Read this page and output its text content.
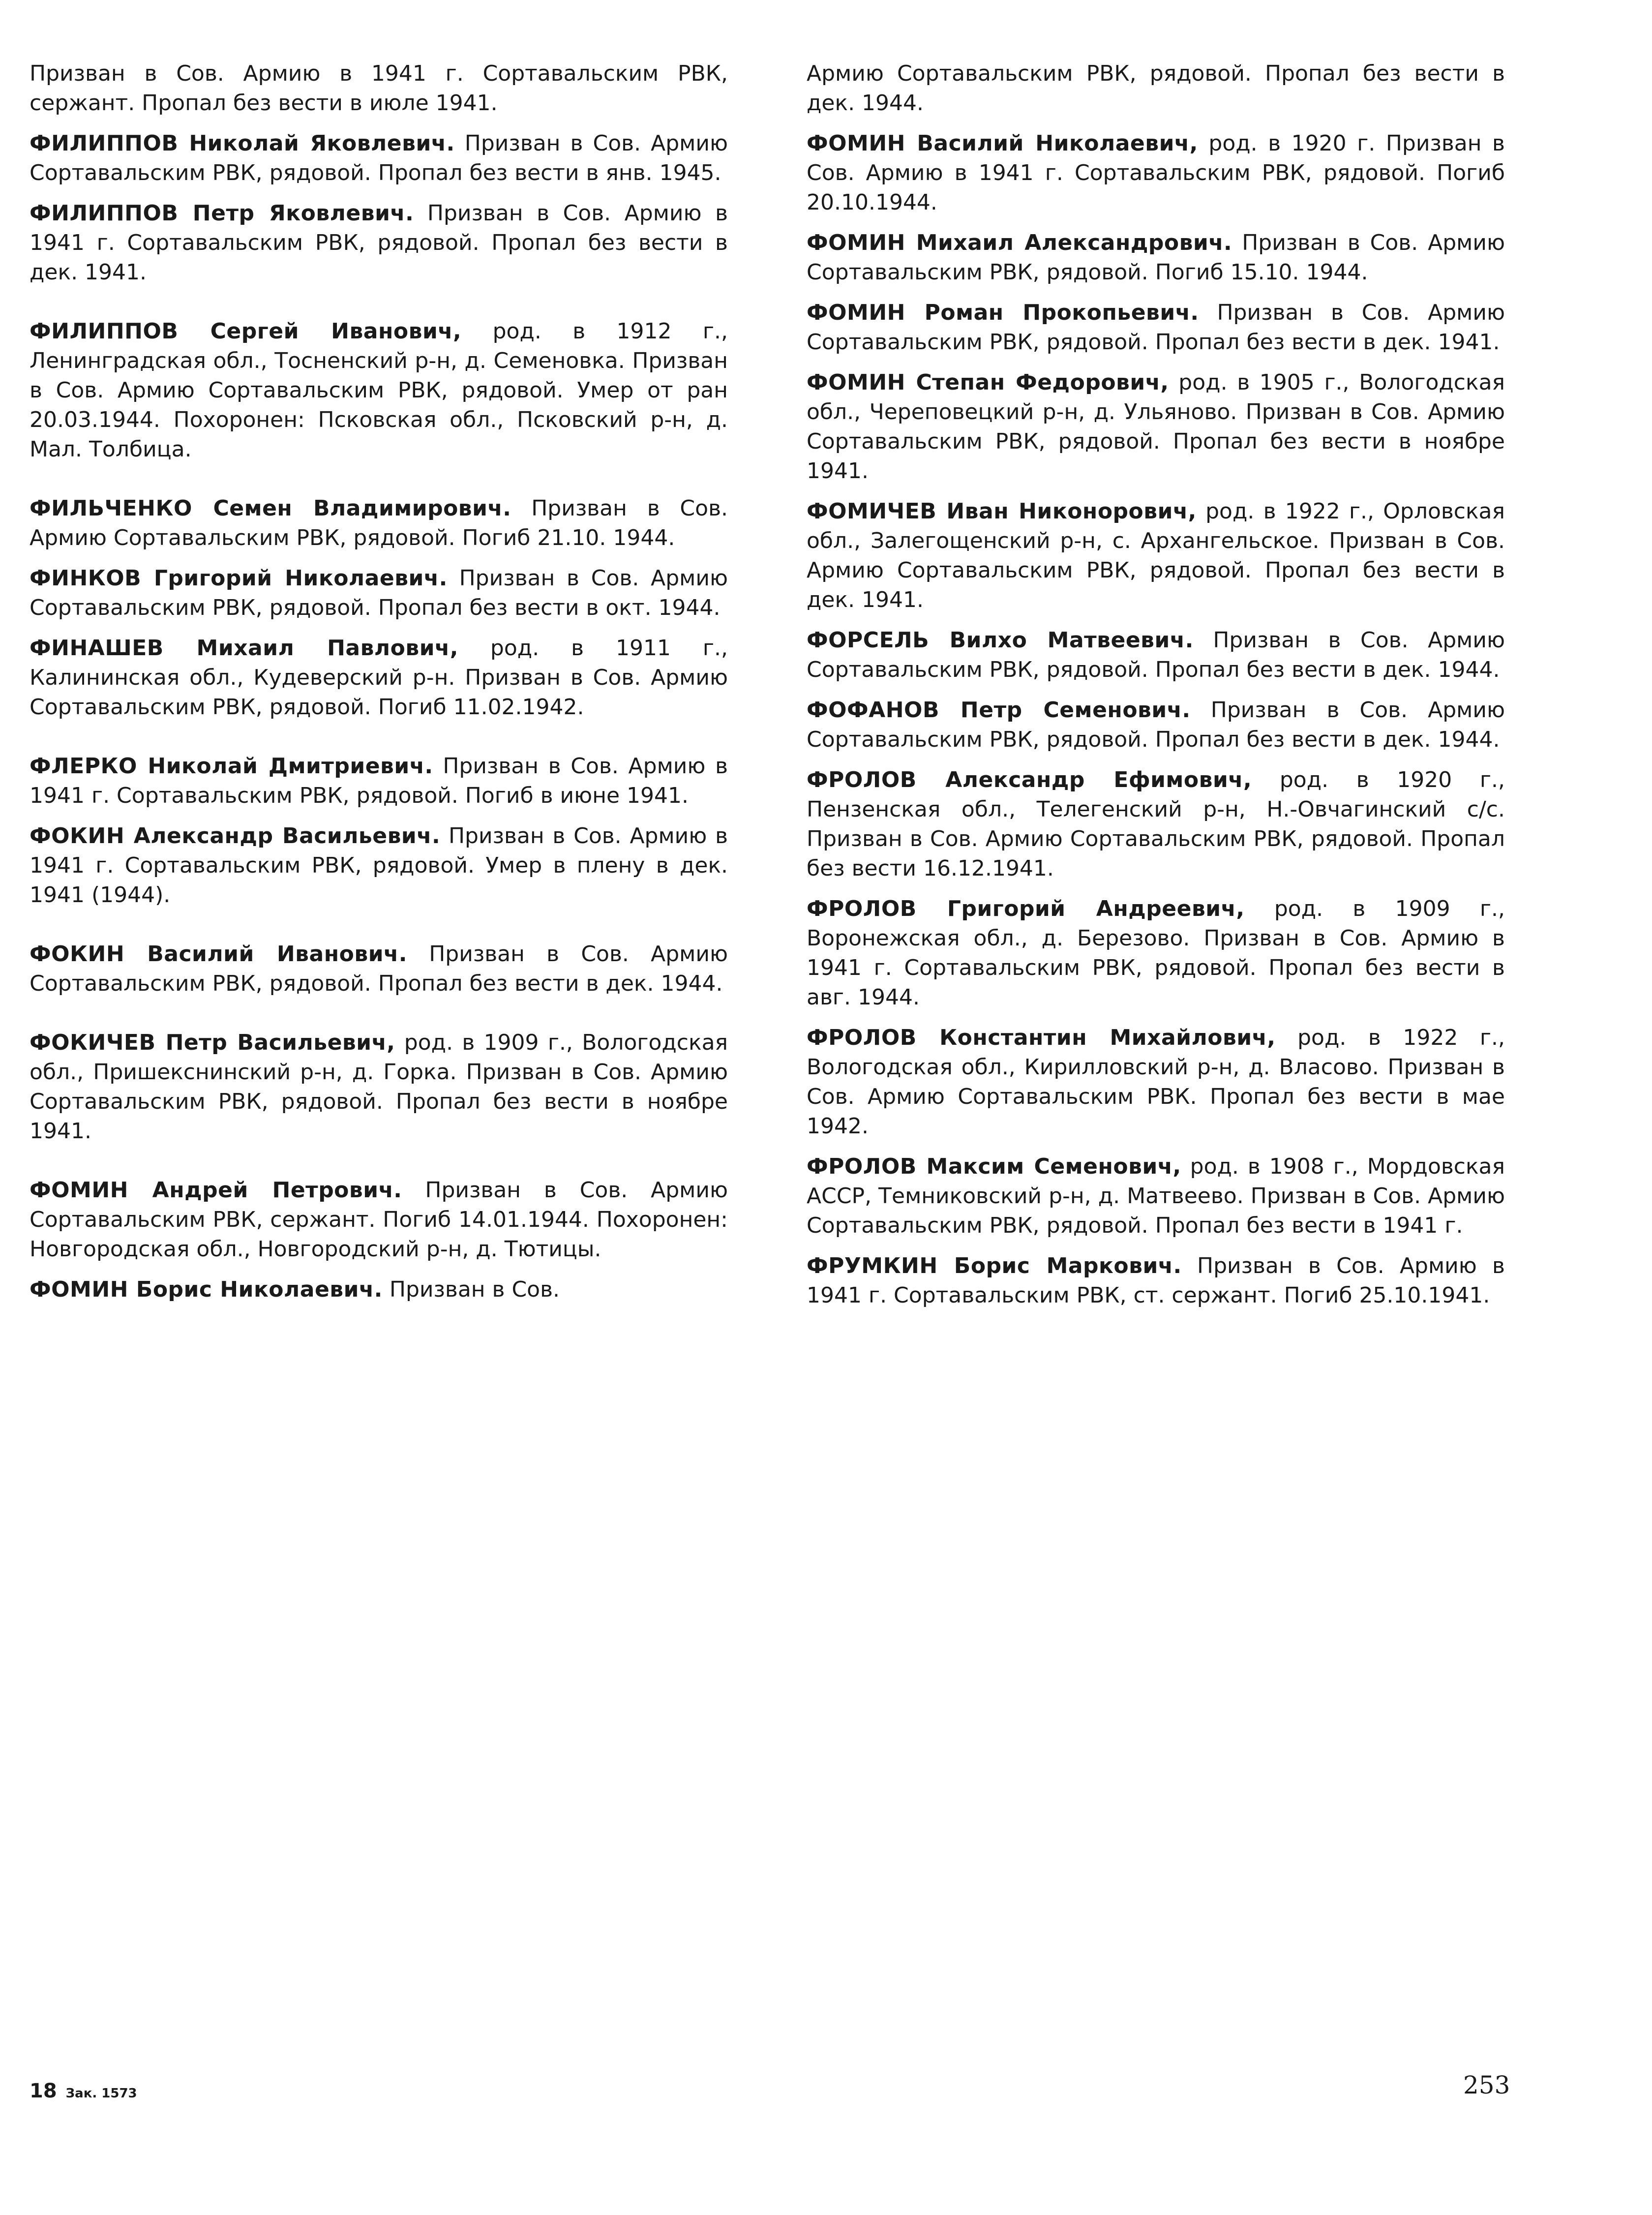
Призван в Сов. Армию в 1941 г. Сортавальским РВК, сержант. Пропал без вести в июле 1941.

ФИЛИППОВ Николай Яковлевич. Призван в Сов. Армию Сортавальским РВК, рядовой. Пропал без вести в янв. 1945.

ФИЛИППОВ Петр Яковлевич. Призван в Сов. Армию в 1941 г. Сортавальским РВК, рядовой. Пропал без вести в дек. 1941.

ФИЛИППОВ Сергей Иванович, род. в 1912 г., Ленинградская обл., Тосненский р-н, д. Семеновка. Призван в Сов. Армию Сортавальским РВК, рядовой. Умер от ран 20.03.1944. Похоронен: Псковская обл., Псковский р-н, д. Мал. Толбица.

ФИЛЬЧЕНКО Семен Владимирович. Призван в Сов. Армию Сортавальским РВК, рядовой. Погиб 21.10. 1944.

ФИНКОВ Григорий Николаевич. Призван в Сов. Армию Сортавальским РВК, рядовой. Пропал без вести в окт. 1944.

ФИНАШЕВ Михаил Павлович, род. в 1911 г., Калининская обл., Кудеверский р-н. Призван в Сов. Армию Сортавальским РВК, рядовой. Погиб 11.02.1942.

ФЛЕРКО Николай Дмитриевич. Призван в Сов. Армию в 1941 г. Сортавальским РВК, рядовой. Погиб в июне 1941.

ФОКИН Александр Васильевич. Призван в Сов. Армию в 1941 г. Сортавальским РВК, рядовой. Умер в плену в дек. 1941 (1944).

ФОКИН Василий Иванович. Призван в Сов. Армию Сортавальским РВК, рядовой. Пропал без вести в дек. 1944.

ФОКИЧЕВ Петр Васильевич, род. в 1909 г., Вологодская обл., Пришекснинский р-н, д. Горка. Призван в Сов. Армию Сортавальским РВК, рядовой. Пропал без вести в ноябре 1941.

ФОМИН Андрей Петрович. Призван в Сов. Армию Сортавальским РВК, сержант. Погиб 14.01.1944. Похоронен: Новгородская обл., Новгородский р-н, д. Тютицы.

ФОМИН Борис Николаевич. Призван в Сов.

Армию Сортавальским РВК, рядовой. Пропал без вести в дек. 1944.

ФОМИН Василий Николаевич, род. в 1920 г. Призван в Сов. Армию в 1941 г. Сортавальским РВК, рядовой. Погиб 20.10.1944.

ФОМИН Михаил Александрович. Призван в Сов. Армию Сортавальским РВК, рядовой. Погиб 15.10. 1944.

ФОМИН Роман Прокопьевич. Призван в Сов. Армию Сортавальским РВК, рядовой. Пропал без вести в дек. 1941.

ФОМИН Степан Федорович, род. в 1905 г., Вологодская обл., Череповецкий р-н, д. Ульяново. Призван в Сов. Армию Сортавальским РВК, рядовой. Пропал без вести в ноябре 1941.

ФОМИЧЕВ Иван Никонорович, род. в 1922 г., Орловская обл., Залегощенский р-н, с. Архангельское. Призван в Сов. Армию Сортавальским РВК, рядовой. Пропал без вести в дек. 1941.

ФОРСЕЛЬ Вилхо Матвеевич. Призван в Сов. Армию Сортавальским РВК, рядовой. Пропал без вести в дек. 1944.

ФОФАНОВ Петр Семенович. Призван в Сов. Армию Сортавальским РВК, рядовой. Пропал без вести в дек. 1944.

ФРОЛОВ Александр Ефимович, род. в 1920 г., Пензенская обл., Телегенский р-н, Н.-Овчагинский с/с. Призван в Сов. Армию Сортавальским РВК, рядовой. Пропал без вести 16.12.1941.

ФРОЛОВ Григорий Андреевич, род. в 1909 г., Воронежская обл., д. Березово. Призван в Сов. Армию в 1941 г. Сортавальским РВК, рядовой. Пропал без вести в авг. 1944.

ФРОЛОВ Константин Михайлович, род. в 1922 г., Вологодская обл., Кирилловский р-н, д. Власово. Призван в Сов. Армию Сортавальским РВК. Пропал без вести в мае 1942.

ФРОЛОВ Максим Семенович, род. в 1908 г., Мордовская АССР, Темниковский р-н, д. Матвеево. Призван в Сов. Армию Сортавальским РВК, рядовой. Пропал без вести в 1941 г.

ФРУМКИН Борис Маркович. Призван в Сов. Армию в 1941 г. Сортавальским РВК, ст. сержант. Погиб 25.10.1941.

18 Зак. 1573	253
